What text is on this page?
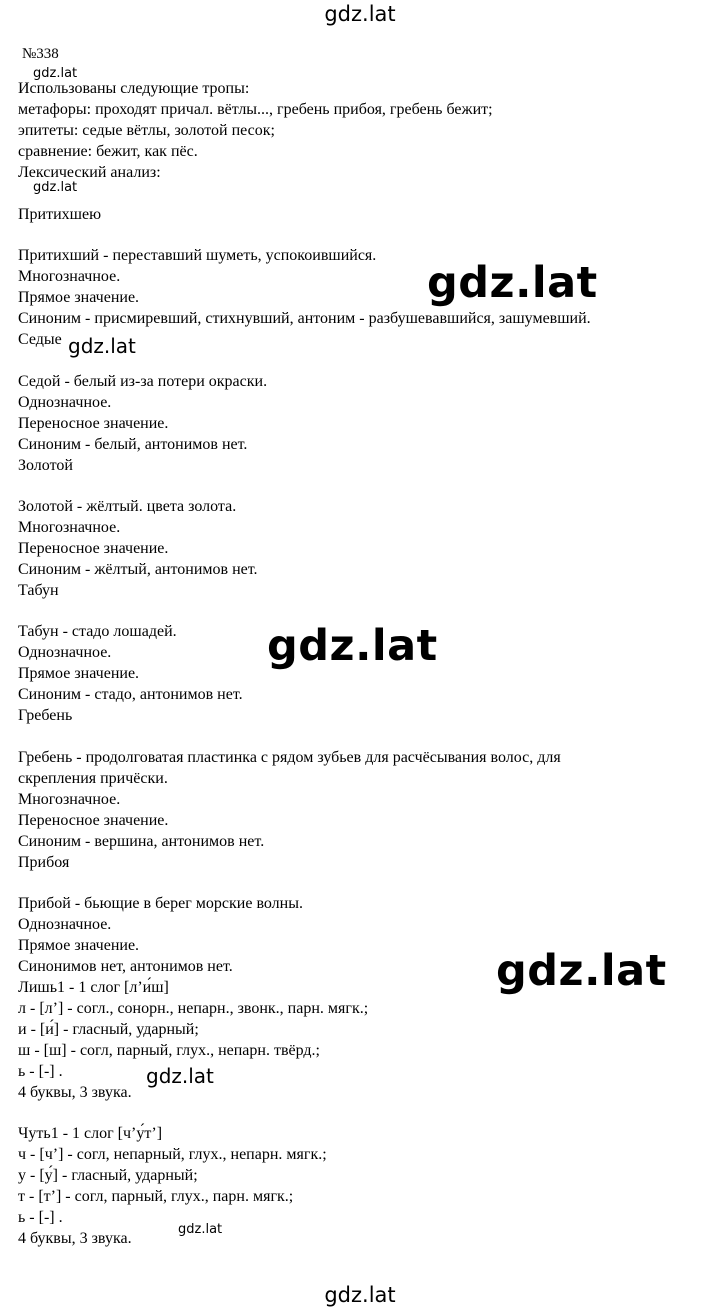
gdz.lat
gdz.lat
gdz.lat
gdz.lat
gdz.lat
gdz.lat
gdz.lat
gdz.lat
gdz.lat
gdz.lat
№338
Использованы следующие тропы:
метафоры: проходят причал. вётлы..., гребень прибоя, гребень бежит;
эпитеты: седые вётлы, золотой песок;
сравнение: бежит, как пёс.
Лексический анализ:
Притихшею
Притихший - переставший шуметь, успокоившийся.
Многозначное.
Прямое значение.
Синоним - присмиревший, стихнувший, антоним - разбушевавшийся, зашумевший.
Седые
Седой - белый из-за потери окраски.
Однозначное.
Переносное значение.
Синоним - белый, антонимов нет.
Золотой
Золотой - жёлтый. цвета золота.
Многозначное.
Переносное значение.
Синоним - жёлтый, антонимов нет.
Табун
Табун - стадо лошадей.
Однозначное.
Прямое значение.
Синоним - стадо, антонимов нет.
Гребень
Гребень - продолговатая пластинка с рядом зубьев для расчёсывания волос, для
скрепления причёски.
Многозначное.
Переносное значение.
Синоним - вершина, антонимов нет.
Прибоя
Прибой - бьющие в берег морские волны.
Однозначное.
Прямое значение.
Синонимов нет, антонимов нет.
Лишь1 - 1 слог [л’и́ш]
л - [л’] - согл., сонорн., непарн., звонк., парн. мягк.;
и - [и́] - гласный, ударный;
ш - [ш] - согл, парный, глух., непарн. твёрд.;
ь - [-] .
4 буквы, 3 звука.
Чуть1 - 1 слог [ч’у́т’]
ч - [ч’] - согл, непарный, глух., непарн. мягк.;
у - [у́] - гласный, ударный;
т - [т’] - согл, парный, глух., парн. мягк.;
ь - [-] .
4 буквы, 3 звука.
